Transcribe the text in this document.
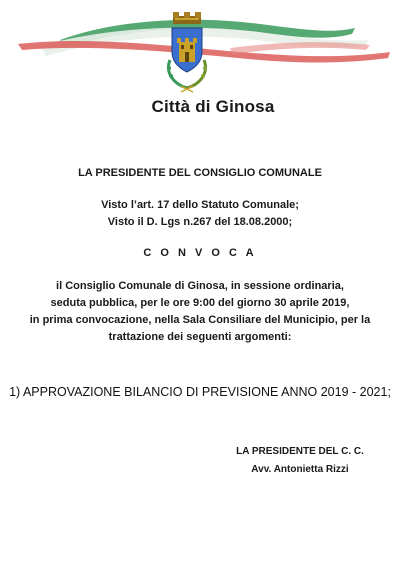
Città di Ginosa
LA PRESIDENTE DEL CONSIGLIO COMUNALE
Visto l’art. 17 dello Statuto Comunale;
Visto il D. Lgs n.267 del 18.08.2000;
C O N V O C A
il Consiglio Comunale di Ginosa, in sessione ordinaria,
seduta pubblica, per le ore 9:00 del giorno 30 aprile 2019,
in prima convocazione, nella Sala Consiliare del Municipio, per la
trattazione dei seguenti argomenti:
1) APPROVAZIONE BILANCIO DI PREVISIONE ANNO 2019 - 2021;
LA PRESIDENTE DEL C. C.
Avv. Antonietta Rizzi
